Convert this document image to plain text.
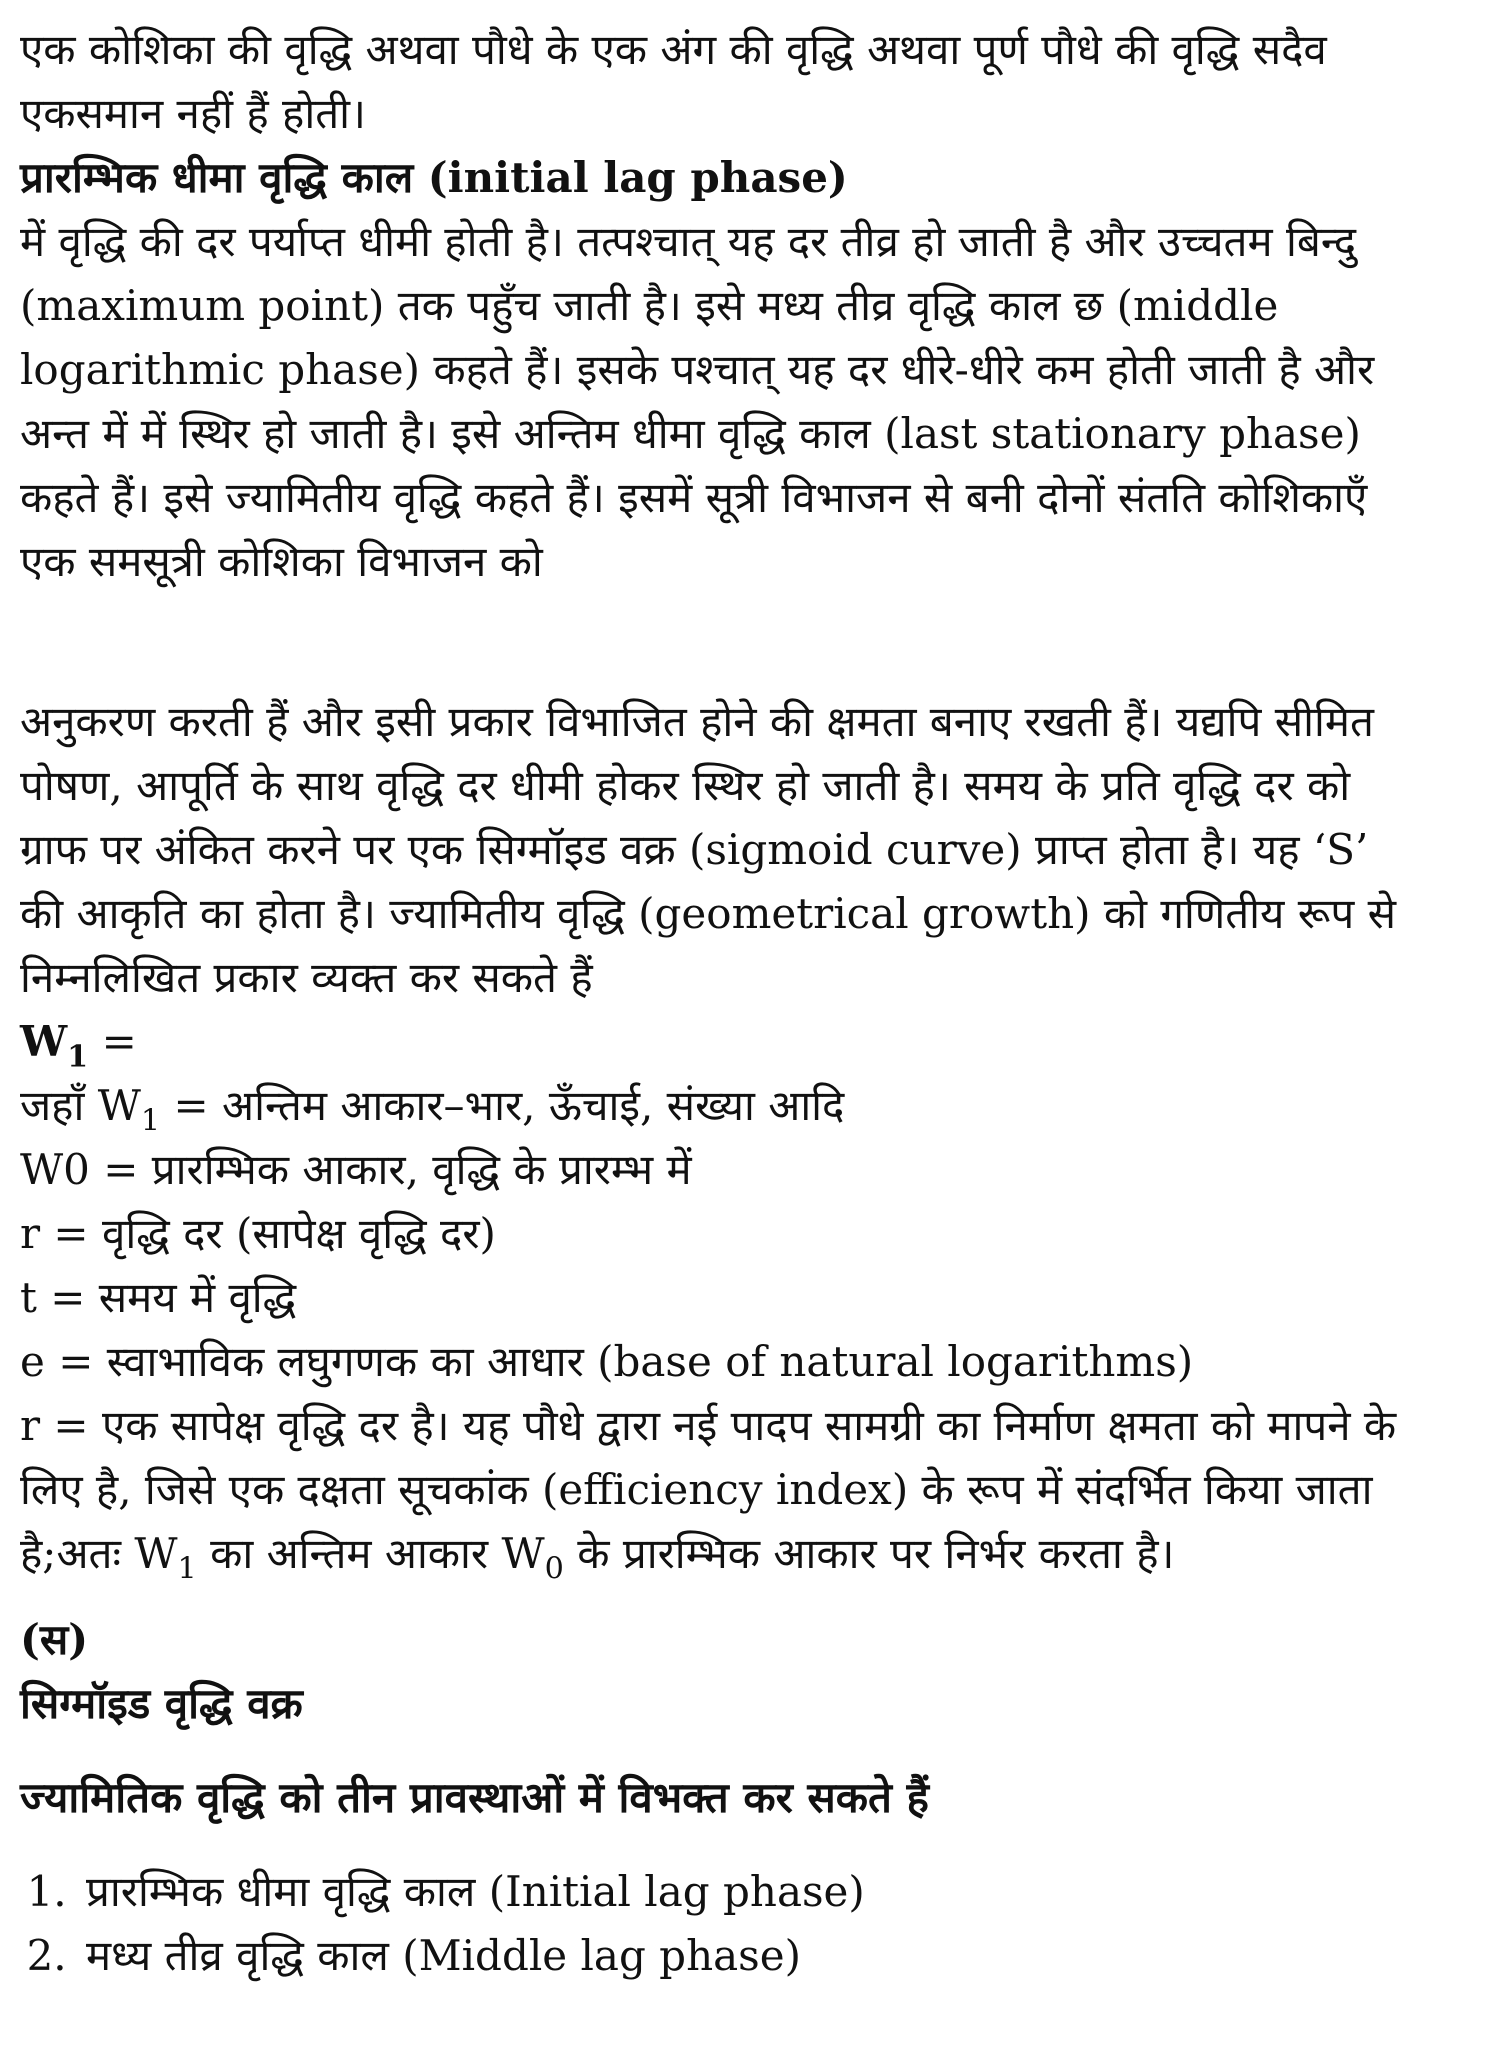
एक कोशिका की वृद्धि अथवा पौधे के एक अंग की वृद्धि अथवा पूर्ण पौधे की वृद्धि सदैव
एकसमान नहीं हैं होती।

प्रारम्भिक धीमा वृद्धि काल (initial lag phase)

में वृद्धि की दर पर्याप्त धीमी होती है। तत्पश्चात् यह दर तीव्र हो जाती है और उच्चतम बिन्दु
(maximum point) तक पहुँच जाती है। इसे मध्य तीव्र वृद्धि काल छ (middle
logarithmic phase) कहते हैं। इसके पश्चात् यह दर धीरे-धीरे कम होती जाती है और
अन्त में में स्थिर हो जाती है। इसे अन्तिम धीमा वृद्धि काल (last stationary phase)
कहते हैं। इसे ज्यामितीय वृद्धि कहते हैं। इसमें सूत्री विभाजन से बनी दोनों संतति कोशिकाएँ
एक समसूत्री कोशिका विभाजन को

अनुकरण करती हैं और इसी प्रकार विभाजित होने की क्षमता बनाए रखती हैं। यद्यपि सीमित
पोषण, आपूर्ति के साथ वृद्धि दर धीमी होकर स्थिर हो जाती है। समय के प्रति वृद्धि दर को
ग्राफ पर अंकित करने पर एक सिग्मॉइड वक्र (sigmoid curve) प्राप्त होता है। यह ‘S’
की आकृति का होता है। ज्यामितीय वृद्धि (geometrical growth) को गणितीय रूप से
निम्नलिखित प्रकार व्यक्त कर सकते हैं

$W_1$ =

जहाँ $W_1$ = अन्तिम आकार–भार, ऊँचाई, संख्या आदि
W0 = प्रारम्भिक आकार, वृद्धि के प्रारम्भ में
r = वृद्धि दर (सापेक्ष वृद्धि दर)
t = समय में वृद्धि
e = स्वाभाविक लघुगणक का आधार (base of natural logarithms)

r = एक सापेक्ष वृद्धि दर है। यह पौधे द्वारा नई पादप सामग्री का निर्माण क्षमता को मापने के
लिए है, जिसे एक दक्षता सूचकांक (efficiency index) के रूप में संदर्भित किया जाता
है;अतः $W_1$ का अन्तिम आकार $W_0$ के प्रारम्भिक आकार पर निर्भर करता है।

(स)

सिग्मॉइड वृद्धि वक्र

ज्यामितिक वृद्धि को तीन प्रावस्थाओं में विभक्त कर सकते हैं

1. प्रारम्भिक धीमा वृद्धि काल (Initial lag phase)
2. मध्य तीव्र वृद्धि काल (Middle lag phase)
